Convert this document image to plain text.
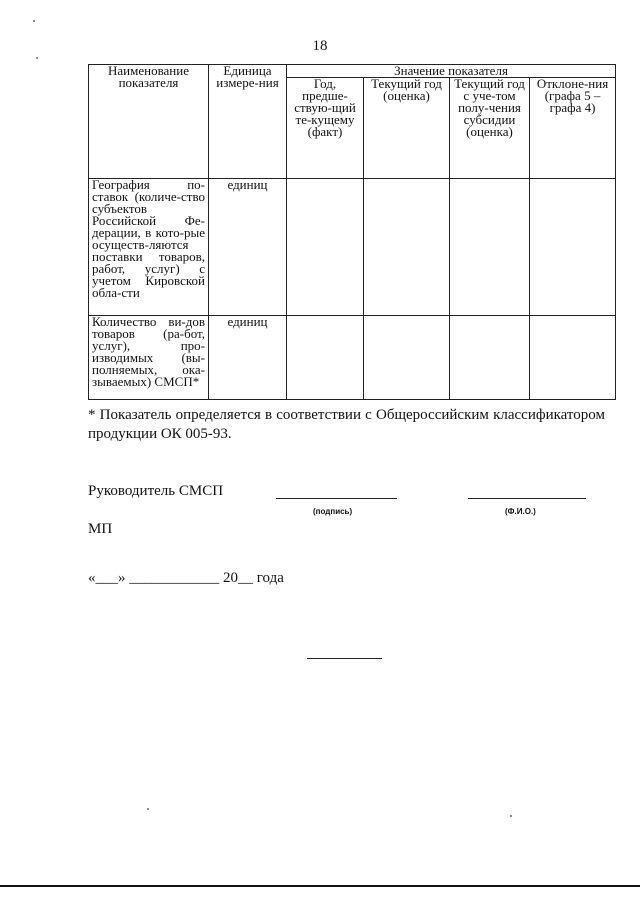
18
Наименование показателя	Единица измере-ния	Значение показателя			
		Год, предше-ствую-щий те-кущему (факт)	Текущий год (оценка)	Текущий год с уче-том полу-чения субсидии (оценка)	Отклоне-ния (графа 5 – графа 4)
География по-ставок (количе-ство субъектов Российской Фе-дерации, в кото-рые осуществ-ляются поставки товаров, работ, услуг) с учетом Кировской обла-сти	единиц				
Количество ви-дов товаров (ра-бот, услуг), про-изводимых (вы-полняемых, ока-зываемых) СМСП*	единиц				
* Показатель определяется в соответствии с Общероссийским классификатором продукции ОК 005-93.
Руководитель СМСП
(подпись)	(Ф.И.О.)
МП
«___» ____________ 20__ года
